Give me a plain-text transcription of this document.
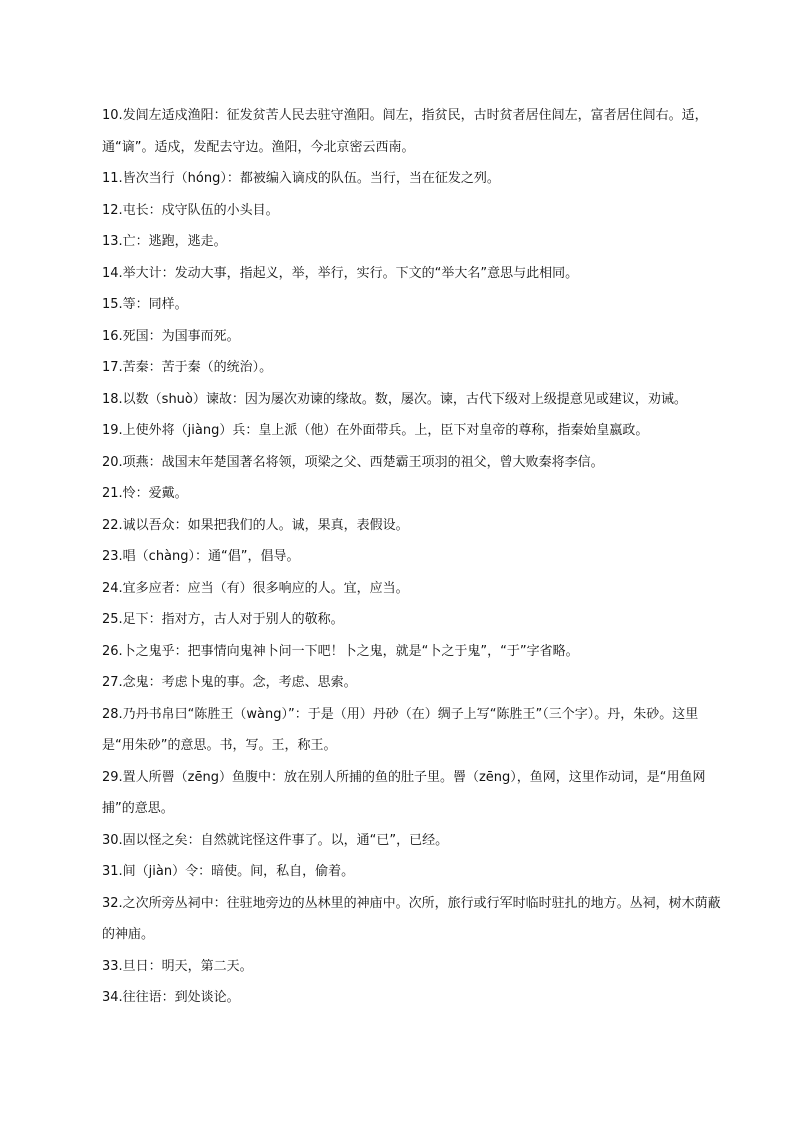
10.发闾左适戍渔阳：征发贫苦人民去驻守渔阳。闾左，指贫民，古时贫者居住闾左，富者居住闾右。适，通“谪”。适戍，发配去守边。渔阳，今北京密云西南。
11.皆次当行（hóng）：都被编入谪戍的队伍。当行，当在征发之列。
12.屯长：戍守队伍的小头目。
13.亡：逃跑，逃走。
14.举大计：发动大事，指起义，举，举行，实行。下文的“举大名”意思与此相同。
15.等：同样。
16.死国：为国事而死。
17.苦秦：苦于秦（的统治）。
18.以数（shuò）谏故：因为屡次劝谏的缘故。数，屡次。谏，古代下级对上级提意见或建议，劝诫。
19.上使外将（jiàng）兵：皇上派（他）在外面带兵。上，臣下对皇帝的尊称，指秦始皇嬴政。
20.项燕：战国末年楚国著名将领，项梁之父、西楚霸王项羽的祖父，曾大败秦将李信。
21.怜：爱戴。
22.诚以吾众：如果把我们的人。诚，果真，表假设。
23.唱（chàng）：通“倡”，倡导。
24.宜多应者：应当（有）很多响应的人。宜，应当。
25.足下：指对方，古人对于别人的敬称。
26.卜之鬼乎：把事情向鬼神卜问一下吧！卜之鬼，就是“卜之于鬼”，“于”字省略。
27.念鬼：考虑卜鬼的事。念，考虑、思索。
28.乃丹书帛曰“陈胜王（wàng）”：于是（用）丹砂（在）绸子上写“陈胜王”（三个字）。丹，朱砂。这里是“用朱砂”的意思。书，写。王，称王。
29.置人所罾（zēng）鱼腹中：放在别人所捕的鱼的肚子里。罾（zēng），鱼网，这里作动词，是“用鱼网捕”的意思。
30.固以怪之矣：自然就诧怪这件事了。以，通“已”，已经。
31.间（jiàn）令：暗使。间，私自，偷着。
32.之次所旁丛祠中：往驻地旁边的丛林里的神庙中。次所，旅行或行军时临时驻扎的地方。丛祠，树木荫蔽的神庙。
33.旦日：明天，第二天。
34.往往语：到处谈论。
